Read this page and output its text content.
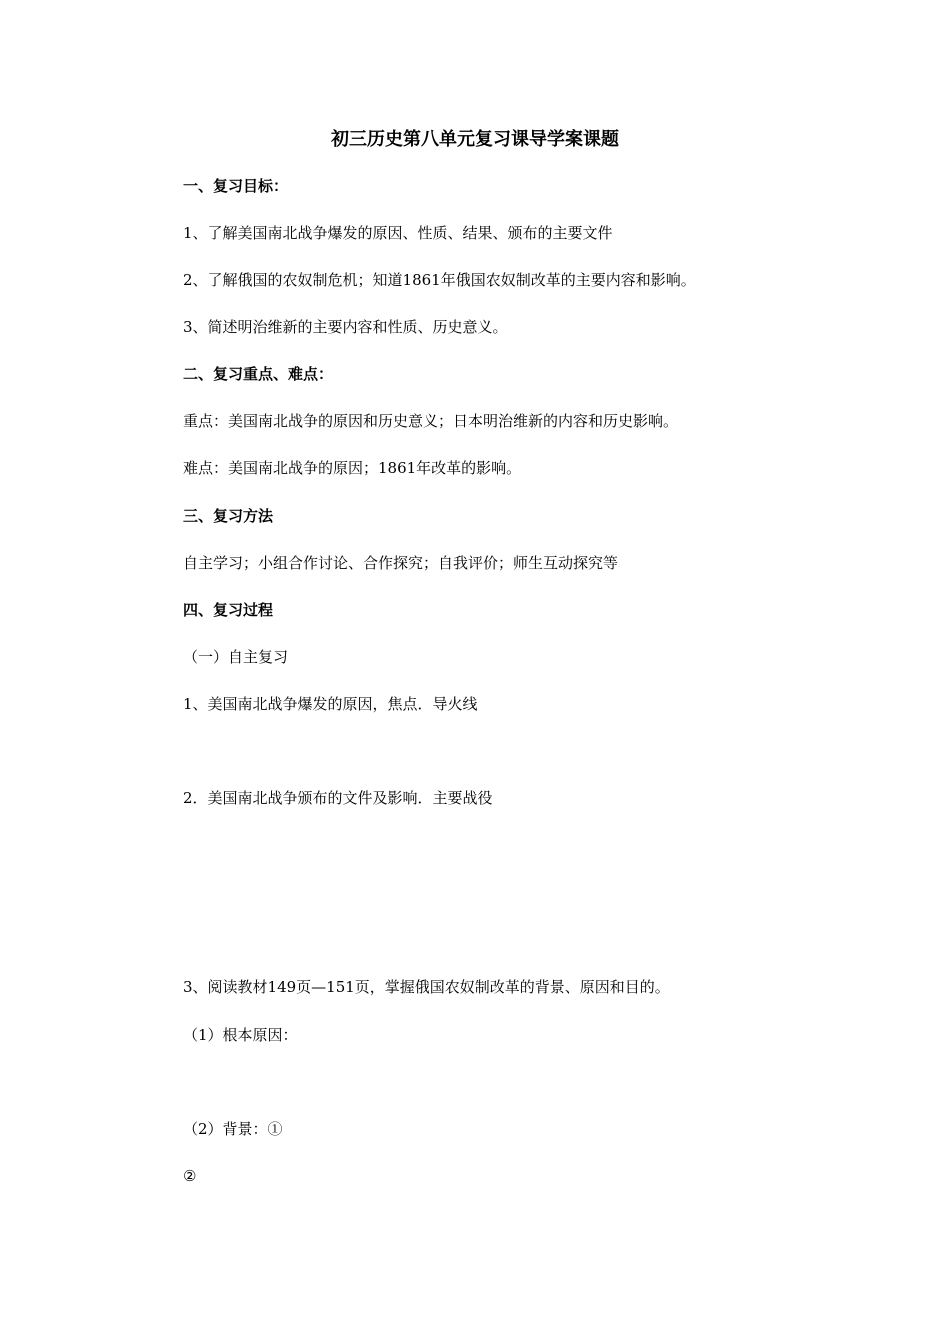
初三历史第八单元复习课导学案课题
一、复习目标：
1、了解美国南北战争爆发的原因、性质、结果、颁布的主要文件
2、了解俄国的农奴制危机；知道1861年俄国农奴制改革的主要内容和影响。
3、简述明治维新的主要内容和性质、历史意义。
二、复习重点、难点：
重点：美国南北战争的原因和历史意义；日本明治维新的内容和历史影响。
难点：美国南北战争的原因；1861年改革的影响。
三、复习方法
自主学习；小组合作讨论、合作探究；自我评价；师生互动探究等
四、复习过程
（一）自主复习
1、美国南北战争爆发的原因，焦点．导火线
2．美国南北战争颁布的文件及影响．主要战役
3、阅读教材149页—151页，掌握俄国农奴制改革的背景、原因和目的。
（1）根本原因：
（2）背景：①
②
